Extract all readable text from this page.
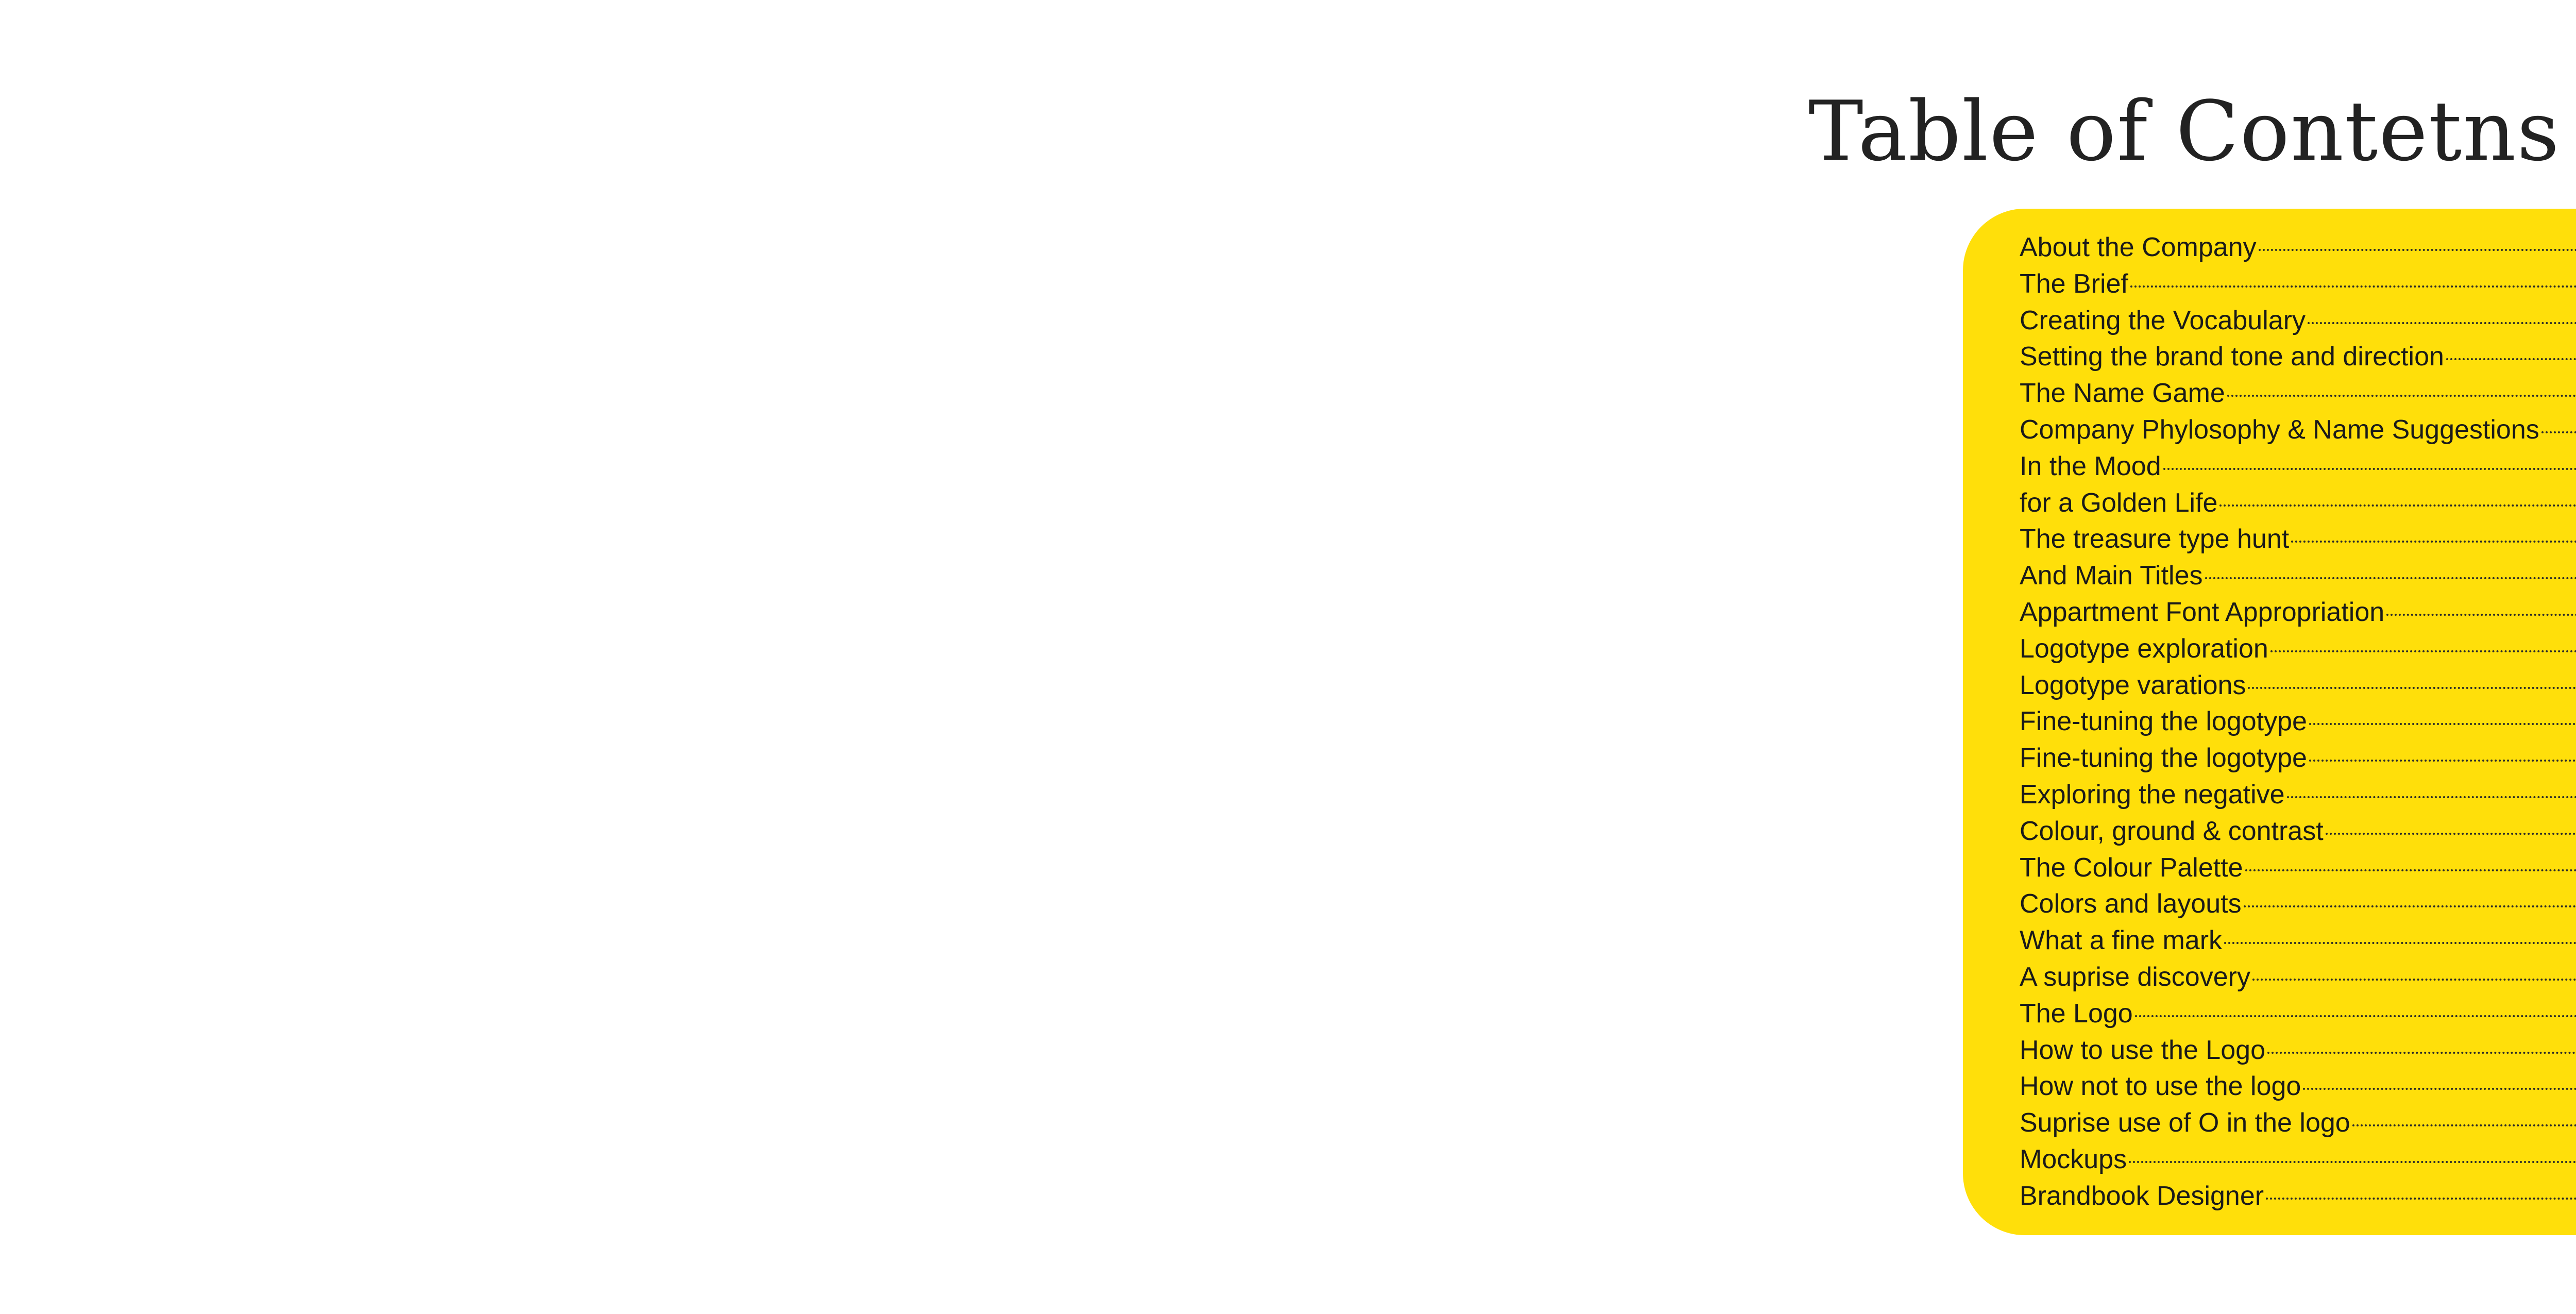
Table of Contetns
About the Company
The Brief
Creating the Vocabulary
Setting the brand tone and direction
The Name Game
Company Phylosophy & Name Suggestions
In the Mood
for a Golden Life
The treasure type hunt
And Main Titles
Appartment Font Appropriation
Logotype exploration
Logotype varations
Fine-tuning the logotype
Fine-tuning the logotype
Exploring the negative
Colour, ground & contrast
The Colour Palette
Colors and layouts
What a fine mark
A suprise discovery
The Logo
How to use the Logo
How not to use the logo
Suprise use of O in the logo
Mockups
Brandbook Designer
